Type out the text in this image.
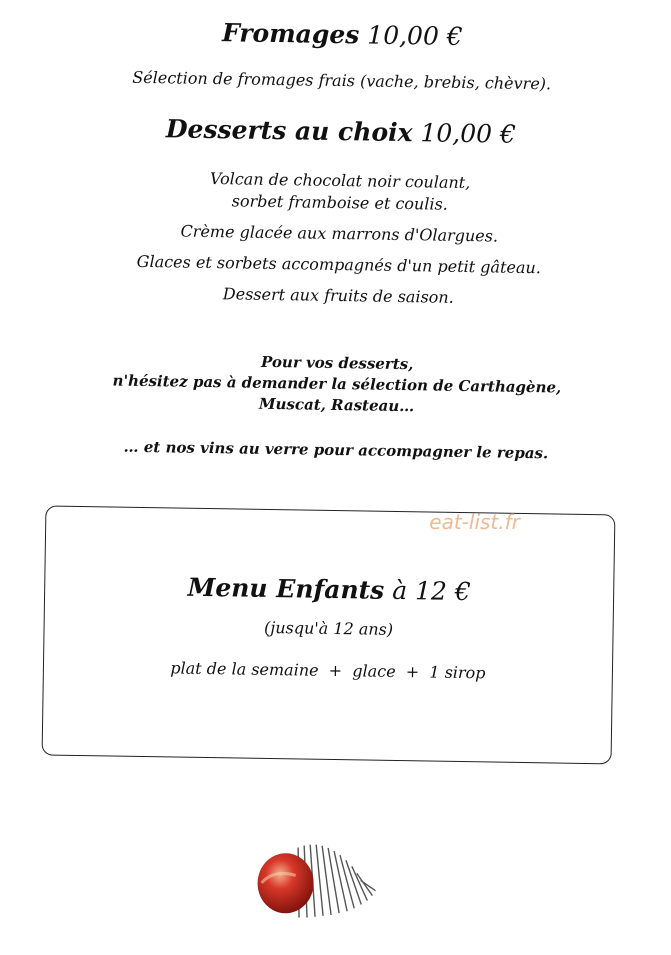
Fromages 10,00 €
Sélection de fromages frais (vache, brebis, chèvre).
Desserts au choix 10,00 €
Volcan de chocolat noir coulant,
sorbet framboise et coulis.
Crème glacée aux marrons d'Olargues.
Glaces et sorbets accompagnés d'un petit gâteau.
Dessert aux fruits de saison.
Pour vos desserts,
n'hésitez pas à demander la sélection de Carthagène,
Muscat, Rasteau…
… et nos vins au verre pour accompagner le repas.
Menu Enfants à 12 €
(jusqu'à 12 ans)
plat de la semaine  +  glace  +  1 sirop
eat-list.fr
